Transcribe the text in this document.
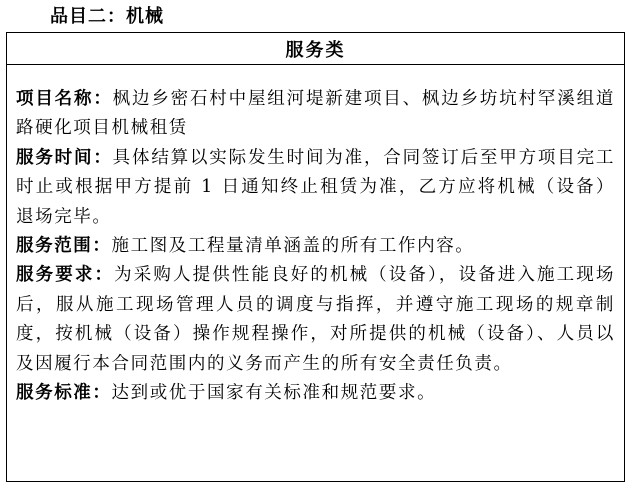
品目二：机械
服务类

项目名称：枫边乡密石村中屋组河堤新建项目、枫边乡坊坑村罕溪组道路硬化项目机械租赁

服务时间：具体结算以实际发生时间为准，合同签订后至甲方项目完工时止或根据甲方提前 1 日通知终止租赁为准，乙方应将机械（设备）退场完毕。

服务范围：施工图及工程量清单涵盖的所有工作内容。

服务要求：为采购人提供性能良好的机械（设备），设备进入施工现场后，服从施工现场管理人员的调度与指挥，并遵守施工现场的规章制度，按机械（设备）操作规程操作，对所提供的机械（设备）、人员以及因履行本合同范围内的义务而产生的所有安全责任负责。

服务标准：达到或优于国家有关标准和规范要求。
